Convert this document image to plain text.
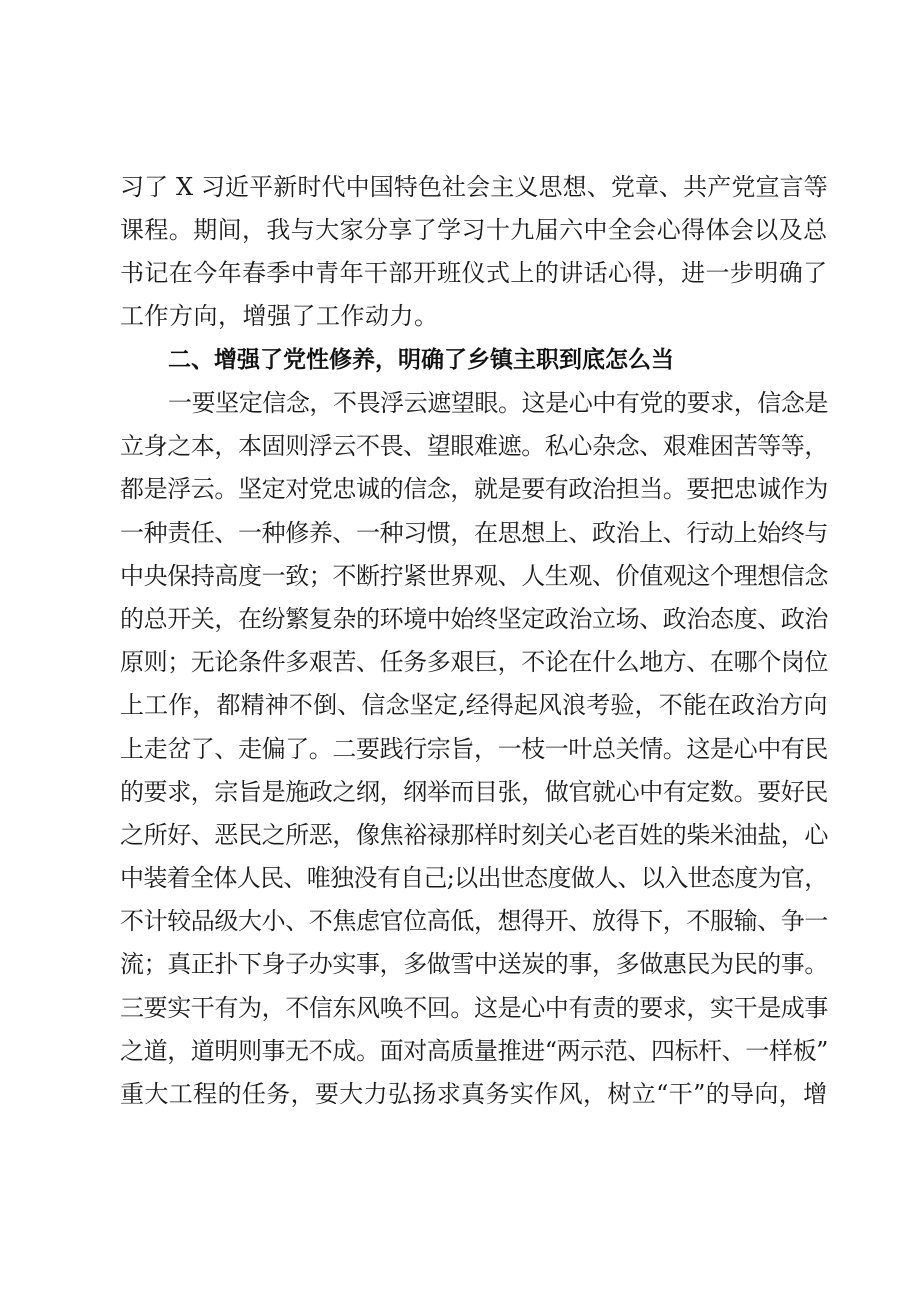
习了 X 习近平新时代中国特色社会主义思想、党章、共产党宣言等
课程。期间，我与大家分享了学习十九届六中全会心得体会以及总
书记在今年春季中青年干部开班仪式上的讲话心得，进一步明确了
工作方向，增强了工作动力。
二、增强了党性修养，明确了乡镇主职到底怎么当
一要坚定信念，不畏浮云遮望眼。这是心中有党的要求，信念是
立身之本，本固则浮云不畏、望眼难遮。私心杂念、艰难困苦等等，
都是浮云。坚定对党忠诚的信念，就是要有政治担当。要把忠诚作为
一种责任、一种修养、一种习惯，在思想上、政治上、行动上始终与
中央保持高度一致；不断拧紧世界观、人生观、价值观这个理想信念
的总开关，在纷繁复杂的环境中始终坚定政治立场、政治态度、政治
原则；无论条件多艰苦、任务多艰巨，不论在什么地方、在哪个岗位
上工作，都精神不倒、信念坚定,经得起风浪考验，不能在政治方向
上走岔了、走偏了。二要践行宗旨，一枝一叶总关情。这是心中有民
的要求，宗旨是施政之纲，纲举而目张，做官就心中有定数。要好民
之所好、恶民之所恶，像焦裕禄那样时刻关心老百姓的柴米油盐，心
中装着全体人民、唯独没有自己;以出世态度做人、以入世态度为官，
不计较品级大小、不焦虑官位高低，想得开、放得下，不服输、争一
流；真正扑下身子办实事，多做雪中送炭的事，多做惠民为民的事。
三要实干有为，不信东风唤不回。这是心中有责的要求，实干是成事
之道，道明则事无不成。面对高质量推进“两示范、四标杆、一样板”
重大工程的任务，要大力弘扬求真务实作风，树立“干”的导向，增
